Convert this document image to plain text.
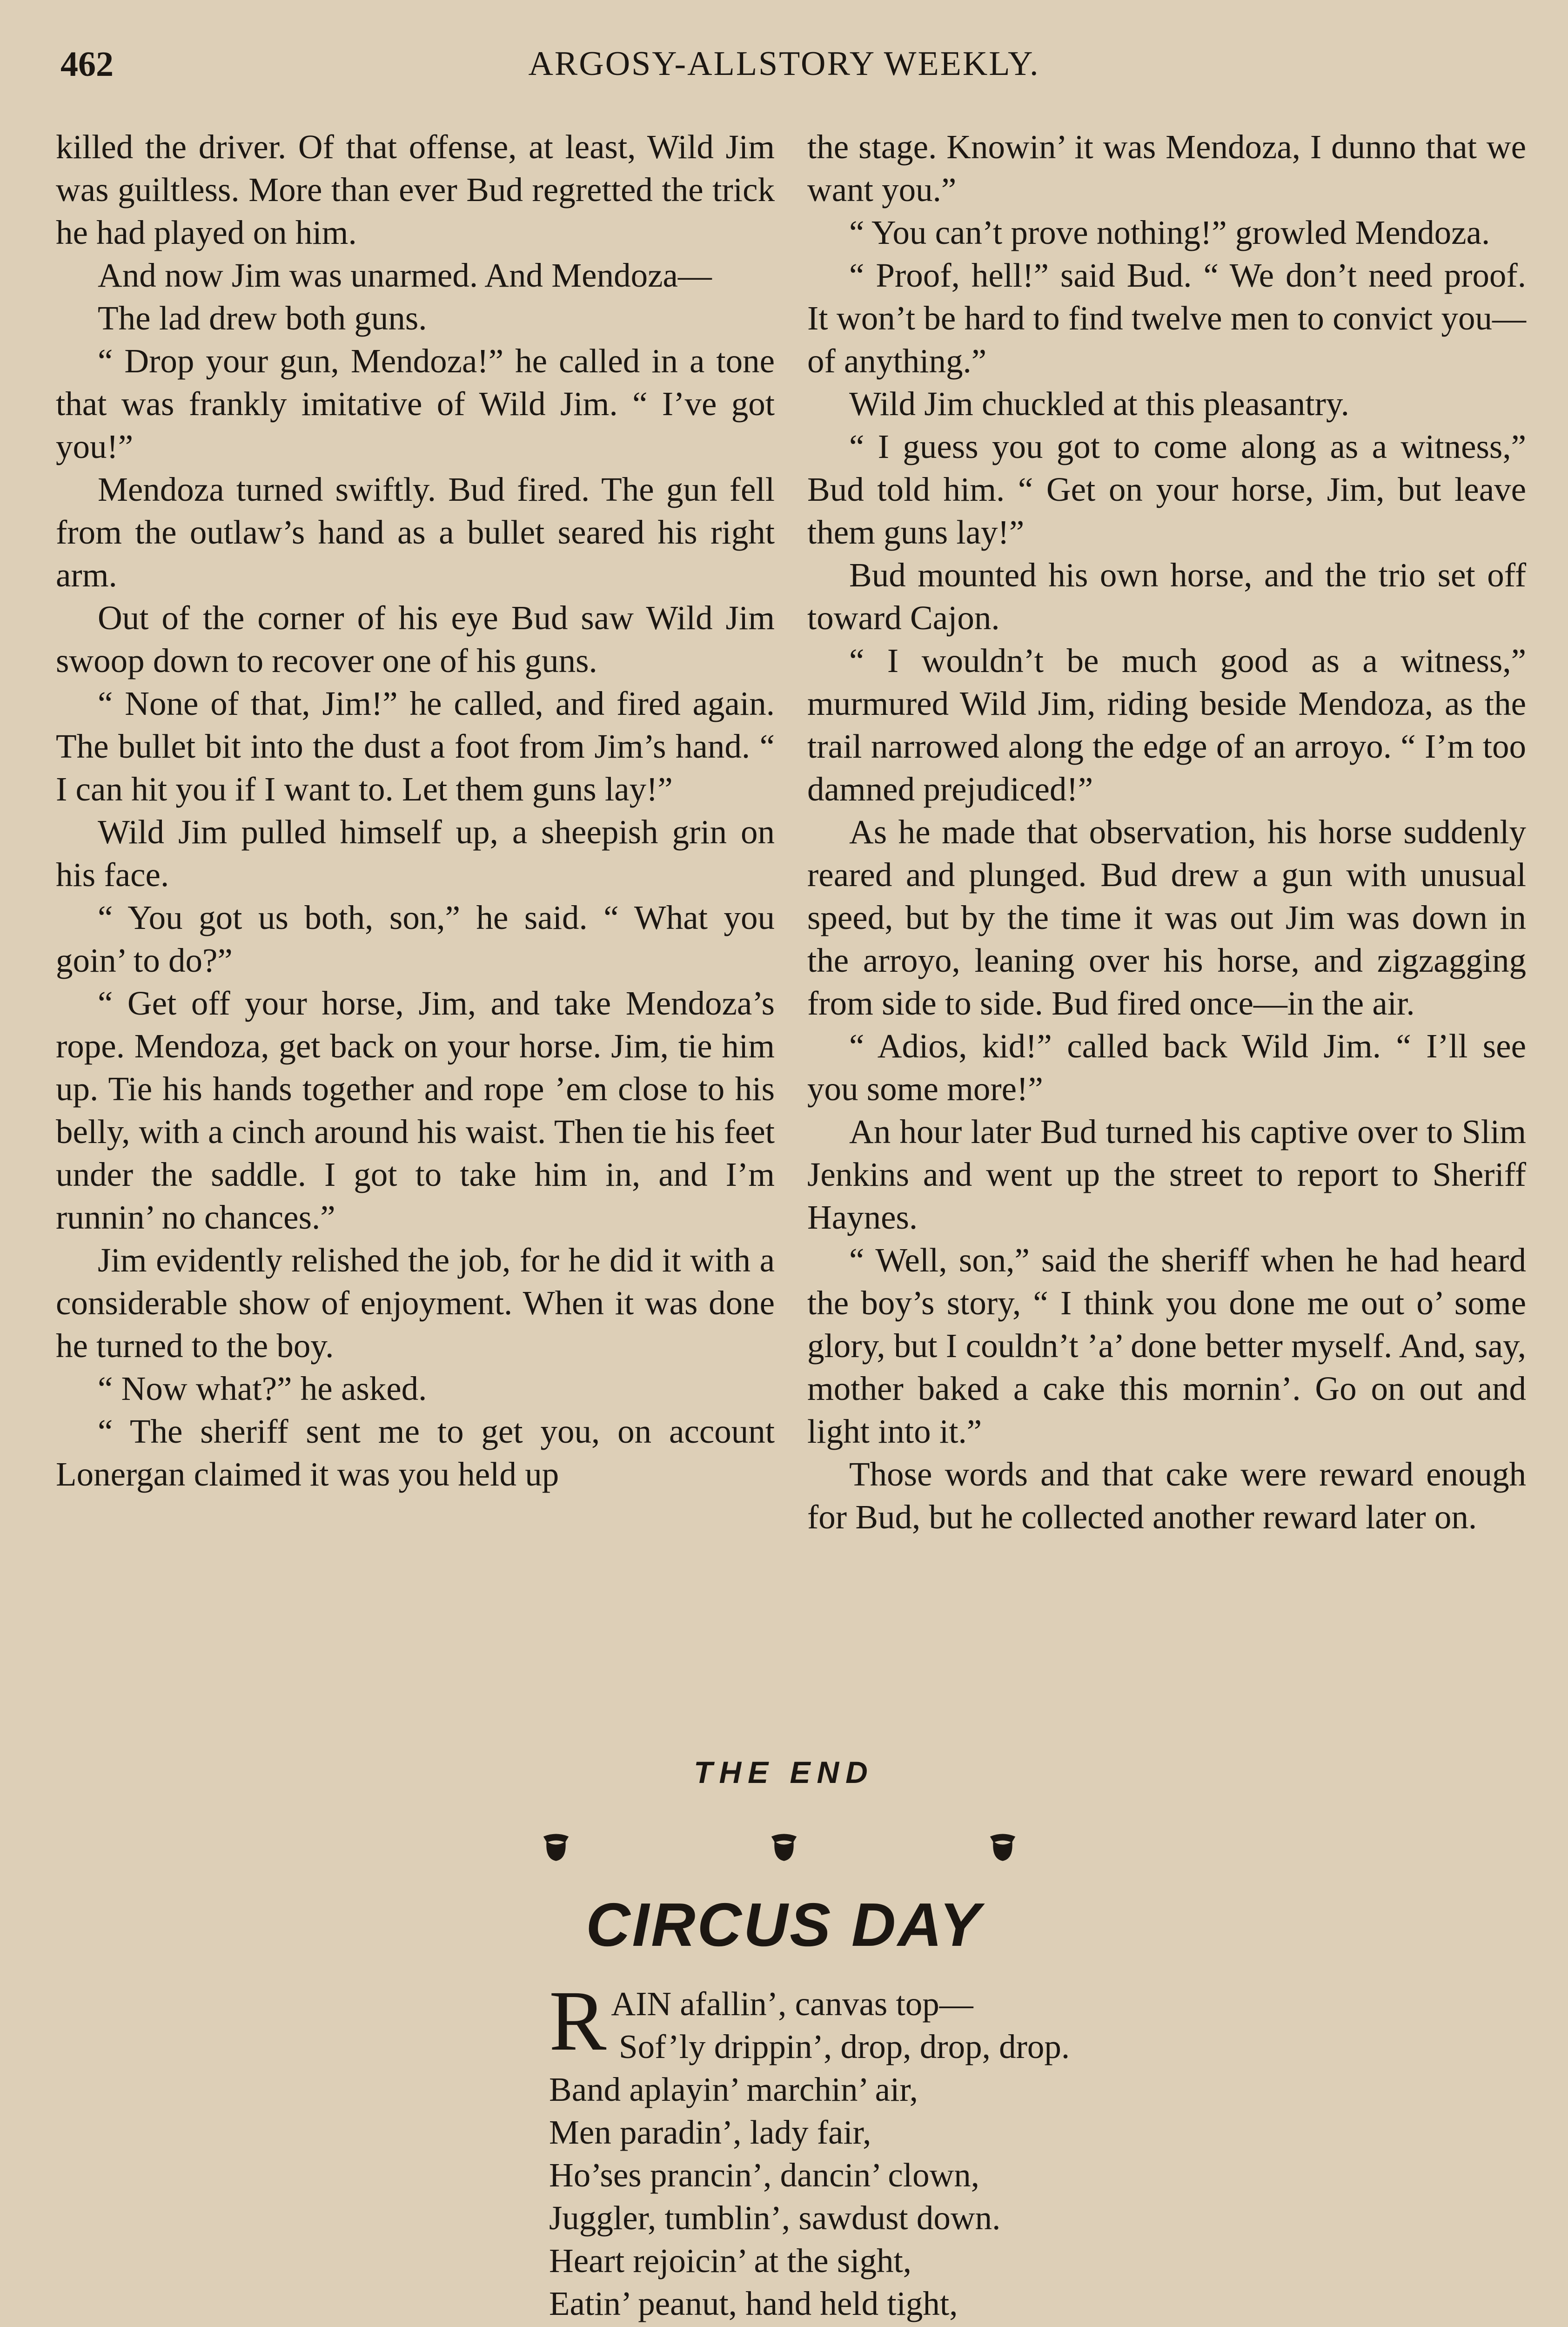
462	ARGOSY-ALLSTORY WEEKLY.

killed the driver. Of that offense, at least, Wild Jim was guiltless. More than ever Bud regretted the trick he had played on him.

And now Jim was unarmed. And Mendoza—

The lad drew both guns.

“ Drop your gun, Mendoza!” he called in a tone that was frankly imitative of Wild Jim. “ I’ve got you!”

Mendoza turned swiftly. Bud fired. The gun fell from the outlaw’s hand as a bullet seared his right arm.

Out of the corner of his eye Bud saw Wild Jim swoop down to recover one of his guns.

“ None of that, Jim!” he called, and fired again. The bullet bit into the dust a foot from Jim’s hand. “ I can hit you if I want to. Let them guns lay!”

Wild Jim pulled himself up, a sheepish grin on his face.

“ You got us both, son,” he said. “ What you goin’ to do?”

“ Get off your horse, Jim, and take Mendoza’s rope. Mendoza, get back on your horse. Jim, tie him up. Tie his hands together and rope ’em close to his belly, with a cinch around his waist. Then tie his feet under the saddle. I got to take him in, and I’m runnin’ no chances.”

Jim evidently relished the job, for he did it with a considerable show of enjoyment. When it was done he turned to the boy.

“ Now what?” he asked.

“ The sheriff sent me to get you, on account Lonergan claimed it was you held up

the stage. Knowin’ it was Mendoza, I dunno that we want you.”

“ You can’t prove nothing!” growled Mendoza.

“ Proof, hell!” said Bud. “ We don’t need proof. It won’t be hard to find twelve men to convict you—of anything.”

Wild Jim chuckled at this pleasantry.

“ I guess you got to come along as a witness,” Bud told him. “ Get on your horse, Jim, but leave them guns lay!”

Bud mounted his own horse, and the trio set off toward Cajon.

“ I wouldn’t be much good as a witness,” murmured Wild Jim, riding beside Mendoza, as the trail narrowed along the edge of an arroyo. “ I’m too damned prejudiced!”

As he made that observation, his horse suddenly reared and plunged. Bud drew a gun with unusual speed, but by the time it was out Jim was down in the arroyo, leaning over his horse, and zigzagging from side to side. Bud fired once—in the air.

“ Adios, kid!” called back Wild Jim. “ I’ll see you some more!”

An hour later Bud turned his captive over to Slim Jenkins and went up the street to report to Sheriff Haynes.

“ Well, son,” said the sheriff when he had heard the boy’s story, “ I think you done me out o’ some glory, but I couldn’t ’a’ done better myself. And, say, mother baked a cake this mornin’. Go on out and light into it.”

Those words and that cake were reward enough for Bud, but he collected another reward later on.

THE END
CIRCUS DAY
R AIN afallin’, canvas top—
Sof’ly drippin’, drop, drop, drop.
Band aplayin’ marchin’ air,
Men paradin’, lady fair,
Ho’ses prancin’, dancin’ clown,
Juggler, tumblin’, sawdust down.
Heart rejoicin’ at the sight,
Eatin’ peanut, hand held tight,
